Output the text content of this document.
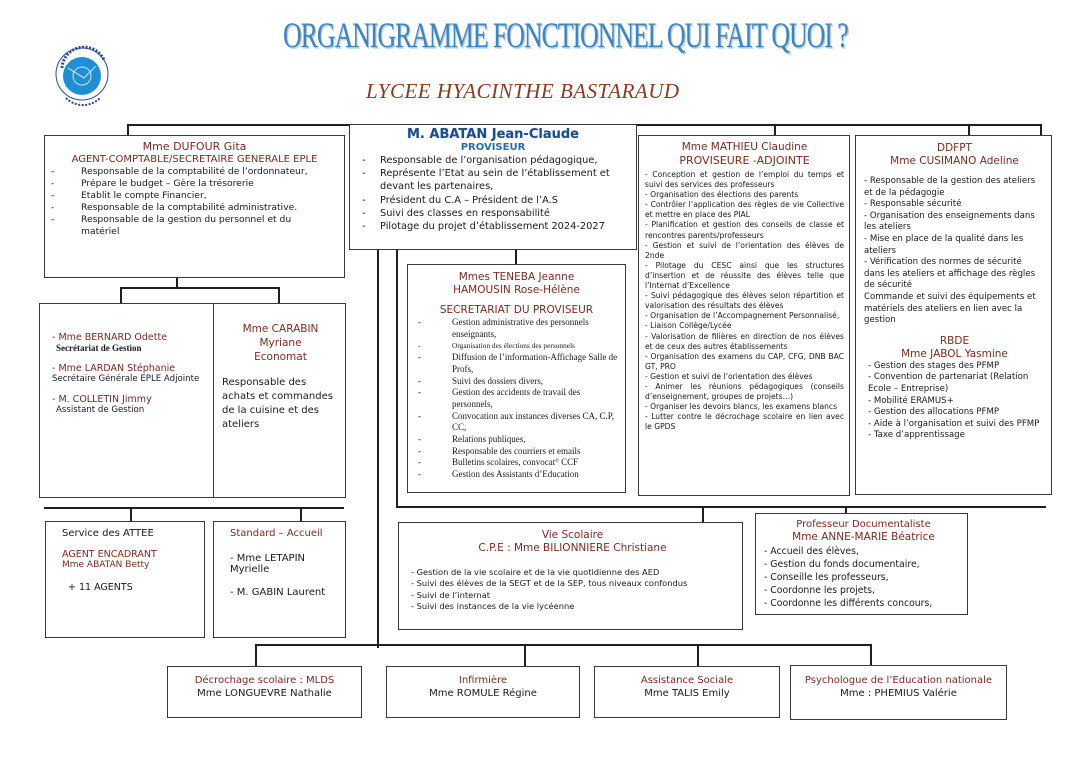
ORGANIGRAMME FONCTIONNEL QUI FAIT QUOI ?
LYCEE HYACINTHE BASTARAUD
Mme DUFOUR Gita
AGENT-COMPTABLE/SECRETAIRE GENERALE EPLE
-	Responsable de la comptabilité de l’ordonnateur,
-	Prépare le budget – Gère la trésorerie
-	Etablit le compte Financier,
-	Responsable de la comptabilité administrative.
-	Responsable de la gestion du personnel et du matériel
M. ABATAN Jean-Claude
PROVISEUR
- Responsable de l’organisation pédagogique,
- Représente l’Etat au sein de l’établissement et devant les partenaires,
- Président du C.A – Président de l’A.S
- Suivi des classes en responsabilité
- Pilotage du projet d’établissement 2024-2027
- Mme BERNARD Odette
Secrétariat de Gestion
- Mme LARDAN Stéphanie
Secrétaire Générale EPLE Adjointe
- M. COLLETIN Jimmy
Assistant de Gestion
Mme CARABIN
Myriane
Economat
Responsable des achats et commandes de la cuisine et des ateliers
Service des ATTEE
AGENT ENCADRANT
Mme ABATAN Betty
+ 11 AGENTS
Standard – Accueil
- Mme LETAPIN Myrielle
- M. GABIN Laurent
Mmes TENEBA Jeanne
HAMOUSIN Rose-Hélène
SECRETARIAT DU PROVISEUR
-	Gestion administrative des personnels enseignants,
-	Organisation des élections des personnels
-	Diffusion de l’information-Affichage Salle de Profs,
-	Suivi des dossiers divers,
-	Gestion des accidents de travail des personnels,
-	Convocation aux instances diverses CA, C.P, CC,
-	Relations publiques,
-	Responsable des courriers et emails
-	Bulletins scolaires, convocat° CCF
-	Gestion des Assistants d’Education
Mme MATHIEU Claudine
PROVISEURE -ADJOINTE
- Conception et gestion de l’emploi du temps et suivi des services des professeurs
- Organisation des élections des parents
- Contrôler l’application des règles de vie Collective et mettre en place des PIAL
- Planification et gestion des conseils de classe et rencontres parents/professeurs
- Gestion et suivi de l’orientation des élèves de 2nde
- Pilotage du CESC ainsi que les structures d’insertion et de réussite des élèves telle que l’Internat d’Excellence
- Suivi pédagogique des élèves selon répartition et valorisation des résultats des élèves
- Organisation de l’Accompagnement Personnalisé,
- Liaison Collège/Lycée
- Valorisation de filières en direction de nos élèves et de ceux des autres établissements
- Organisation des examens du CAP, CFG, DNB BAC GT, PRO
- Gestion et suivi de l’orientation des élèves
- Animer les réunions pédagogiques (conseils d’enseignement, groupes de projets…)
- Organiser les devoirs blancs, les examens blancs
- Lutter contre le décrochage scolaire en lien avec le GPDS
DDFPT
Mme CUSIMANO Adeline
- Responsable de la gestion des ateliers et de la pédagogie
- Responsable sécurité
- Organisation des enseignements dans les ateliers
- Mise en place de la qualité dans les ateliers
- Vérification des normes de sécurité dans les ateliers et affichage des règles de sécurité
Commande et suivi des équipements et matériels des ateliers en lien avec la gestion
RBDE
Mme JABOL Yasmine
- Gestion des stages des PFMP
- Convention de partenariat (Relation Ecole – Entreprise)
- Mobilité ERAMUS+
- Gestion des allocations PFMP
- Aide à l’organisation et suivi des PFMP
- Taxe d’apprentissage
Vie Scolaire
C.P.E : Mme BILIONNIERE Christiane
- Gestion de la vie scolaire et de la vie quotidienne des AED
- Suivi des élèves de la SEGT et de la SEP, tous niveaux confondus
- Suivi de l’internat
- Suivi des instances de la vie lycéenne
Professeur Documentaliste
Mme ANNE-MARIE Béatrice
- Accueil des élèves,
- Gestion du fonds documentaire,
- Conseille les professeurs,
- Coordonne les projets,
- Coordonne les différents concours,
Décrochage scolaire : MLDS
Mme LONGUEVRE Nathalie
Infirmière
Mme ROMULE Régine
Assistance Sociale
Mme TALIS Emily
Psychologue de l’Education nationale
Mme : PHEMIUS Valérie
